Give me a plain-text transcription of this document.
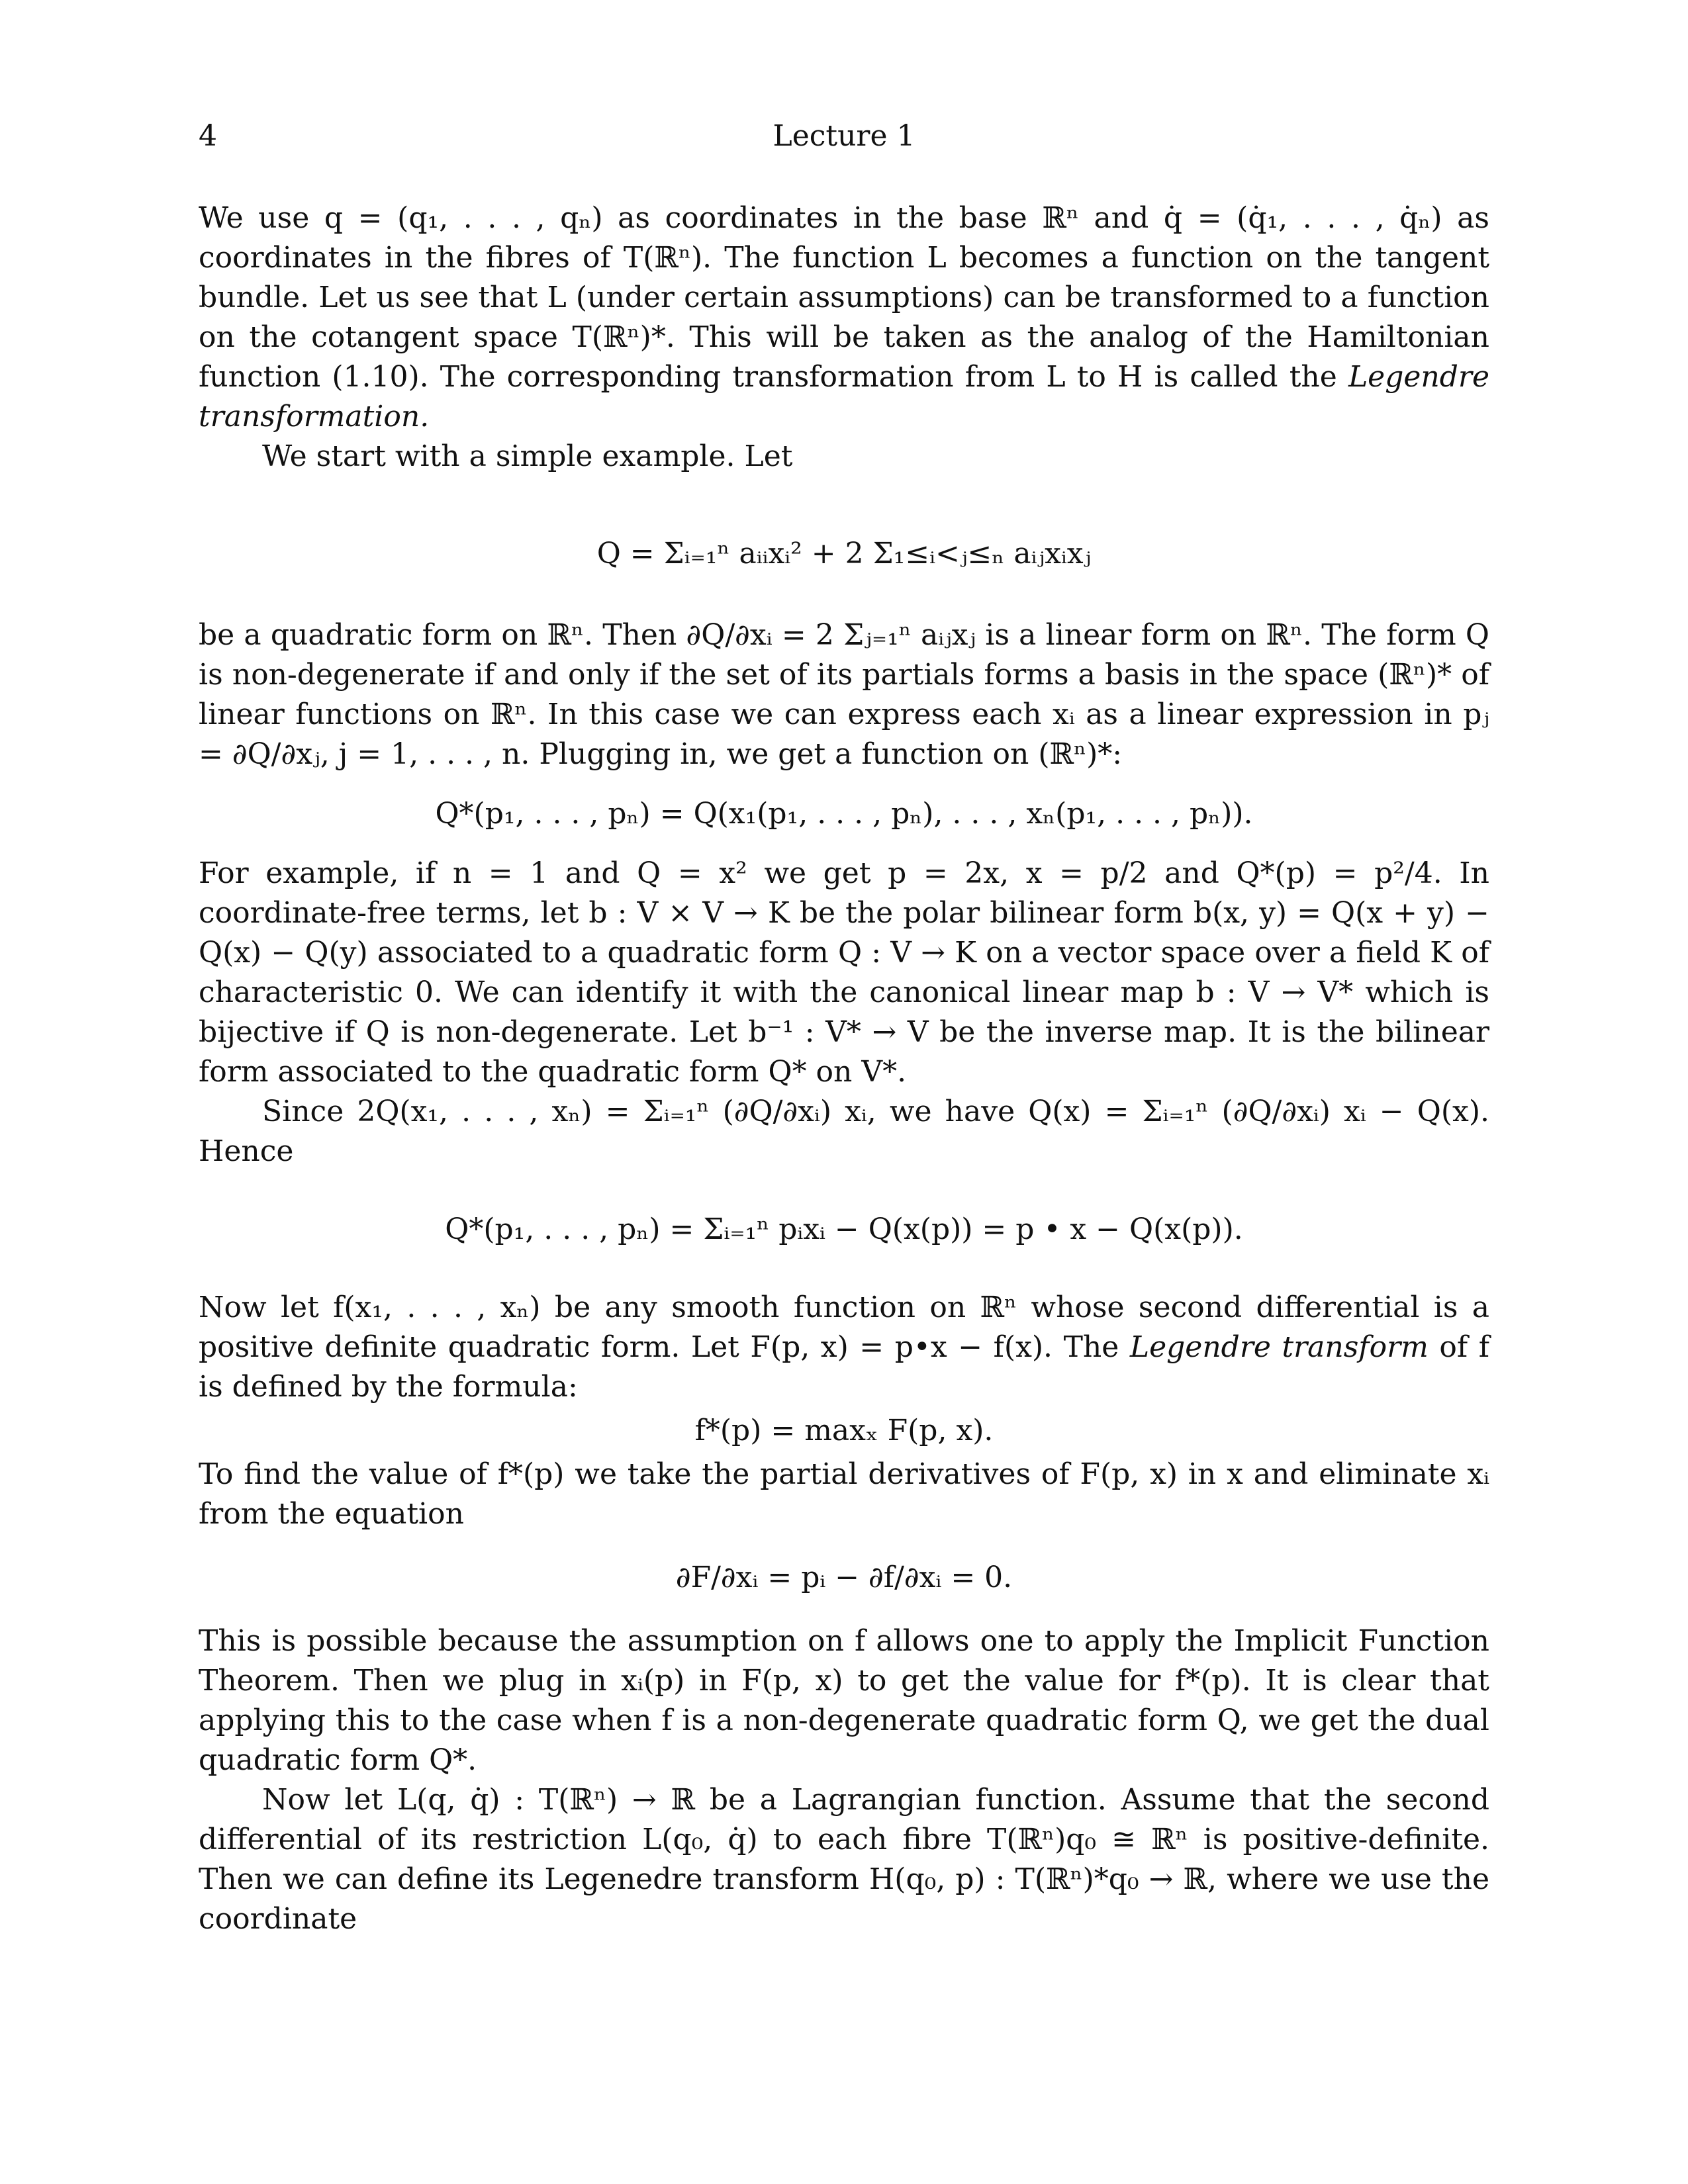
4	Lecture 1

We use q = (q₁, . . . , qₙ) as coordinates in the base ℝⁿ and q̇ = (q̇₁, . . . , q̇ₙ) as coordinates in the fibres of T(ℝⁿ). The function L becomes a function on the tangent bundle. Let us see that L (under certain assumptions) can be transformed to a function on the cotangent space T(ℝⁿ)*. This will be taken as the analog of the Hamiltonian function (1.10). The corresponding transformation from L to H is called the Legendre transformation.

We start with a simple example. Let

Q = Σᵢ₌₁ⁿ aᵢᵢxᵢ² + 2 Σ₁≤ᵢ<ⱼ≤ₙ aᵢⱼxᵢxⱼ

be a quadratic form on ℝⁿ. Then ∂Q/∂xᵢ = 2 Σⱼ₌₁ⁿ aᵢⱼxⱼ is a linear form on ℝⁿ. The form Q is non-degenerate if and only if the set of its partials forms a basis in the space (ℝⁿ)* of linear functions on ℝⁿ. In this case we can express each xᵢ as a linear expression in pⱼ = ∂Q/∂xⱼ, j = 1, . . . , n. Plugging in, we get a function on (ℝⁿ)*:

Q*(p₁, . . . , pₙ) = Q(x₁(p₁, . . . , pₙ), . . . , xₙ(p₁, . . . , pₙ)).

For example, if n = 1 and Q = x² we get p = 2x, x = p/2 and Q*(p) = p²/4. In coordinate-free terms, let b : V × V → K be the polar bilinear form b(x, y) = Q(x + y) − Q(x) − Q(y) associated to a quadratic form Q : V → K on a vector space over a field K of characteristic 0. We can identify it with the canonical linear map b : V → V* which is bijective if Q is non-degenerate. Let b⁻¹ : V* → V be the inverse map. It is the bilinear form associated to the quadratic form Q* on V*.

Since 2Q(x₁, . . . , xₙ) = Σᵢ₌₁ⁿ (∂Q/∂xᵢ) xᵢ, we have Q(x) = Σᵢ₌₁ⁿ (∂Q/∂xᵢ) xᵢ − Q(x). Hence

Q*(p₁, . . . , pₙ) = Σᵢ₌₁ⁿ pᵢxᵢ − Q(x(p)) = p • x − Q(x(p)).

Now let f(x₁, . . . , xₙ) be any smooth function on ℝⁿ whose second differential is a positive definite quadratic form. Let F(p, x) = p•x − f(x). The Legendre transform of f is defined by the formula:

f*(p) = maxₓ F(p, x).

To find the value of f*(p) we take the partial derivatives of F(p, x) in x and eliminate xᵢ from the equation

∂F/∂xᵢ = pᵢ − ∂f/∂xᵢ = 0.

This is possible because the assumption on f allows one to apply the Implicit Function Theorem. Then we plug in xᵢ(p) in F(p, x) to get the value for f*(p). It is clear that applying this to the case when f is a non-degenerate quadratic form Q, we get the dual quadratic form Q*.

Now let L(q, q̇) : T(ℝⁿ) → ℝ be a Lagrangian function. Assume that the second differential of its restriction L(q₀, q̇) to each fibre T(ℝⁿ)q₀ ≅ ℝⁿ is positive-definite. Then we can define its Legenedre transform H(q₀, p) : T(ℝⁿ)*q₀ → ℝ, where we use the coordinate
